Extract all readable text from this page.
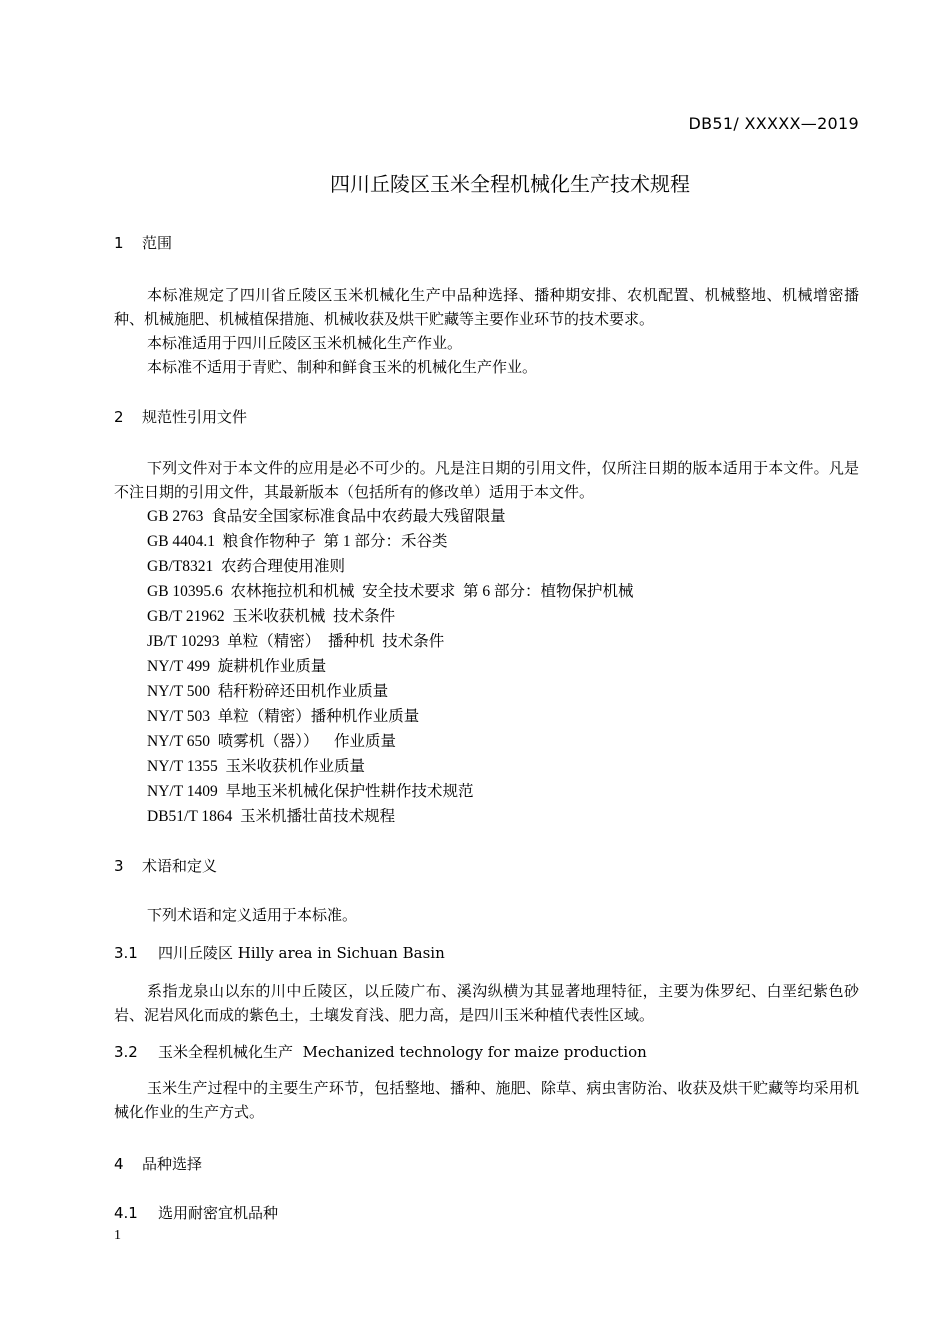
DB51/ XXXXX—2019
四川丘陵区玉米全程机械化生产技术规程
1 范围
本标准规定了四川省丘陵区玉米机械化生产中品种选择、播种期安排、农机配置、机械整地、机械增密播种、机械施肥、机械植保措施、机械收获及烘干贮藏等主要作业环节的技术要求。
本标准适用于四川丘陵区玉米机械化生产作业。
本标准不适用于青贮、制种和鲜食玉米的机械化生产作业。
2 规范性引用文件
下列文件对于本文件的应用是必不可少的。凡是注日期的引用文件，仅所注日期的版本适用于本文件。凡是不注日期的引用文件，其最新版本（包括所有的修改单）适用于本文件。
GB 2763  食品安全国家标准食品中农药最大残留限量
GB 4404.1  粮食作物种子  第 1 部分：禾谷类
GB/T8321  农药合理使用准则
GB 10395.6  农林拖拉机和机械  安全技术要求  第 6 部分：植物保护机械
GB/T 21962  玉米收获机械  技术条件
JB/T 10293  单粒（精密）  播种机  技术条件
NY/T 499  旋耕机作业质量
NY/T 500  秸秆粉碎还田机作业质量
NY/T 503  单粒（精密）播种机作业质量
NY/T 650  喷雾机（器））    作业质量
NY/T 1355  玉米收获机作业质量
NY/T 1409  旱地玉米机械化保护性耕作技术规范
DB51/T 1864  玉米机播壮苗技术规程
3 术语和定义
下列术语和定义适用于本标准。
3.1 四川丘陵区 Hilly area in Sichuan Basin
系指龙泉山以东的川中丘陵区，以丘陵广布、溪沟纵横为其显著地理特征，主要为侏罗纪、白垩纪紫色砂岩、泥岩风化而成的紫色土，土壤发育浅、肥力高，是四川玉米种植代表性区域。
3.2 玉米全程机械化生产 Mechanized technology for maize production
玉米生产过程中的主要生产环节，包括整地、播种、施肥、除草、病虫害防治、收获及烘干贮藏等均采用机械化作业的生产方式。
4 品种选择
4.1 选用耐密宜机品种
1
